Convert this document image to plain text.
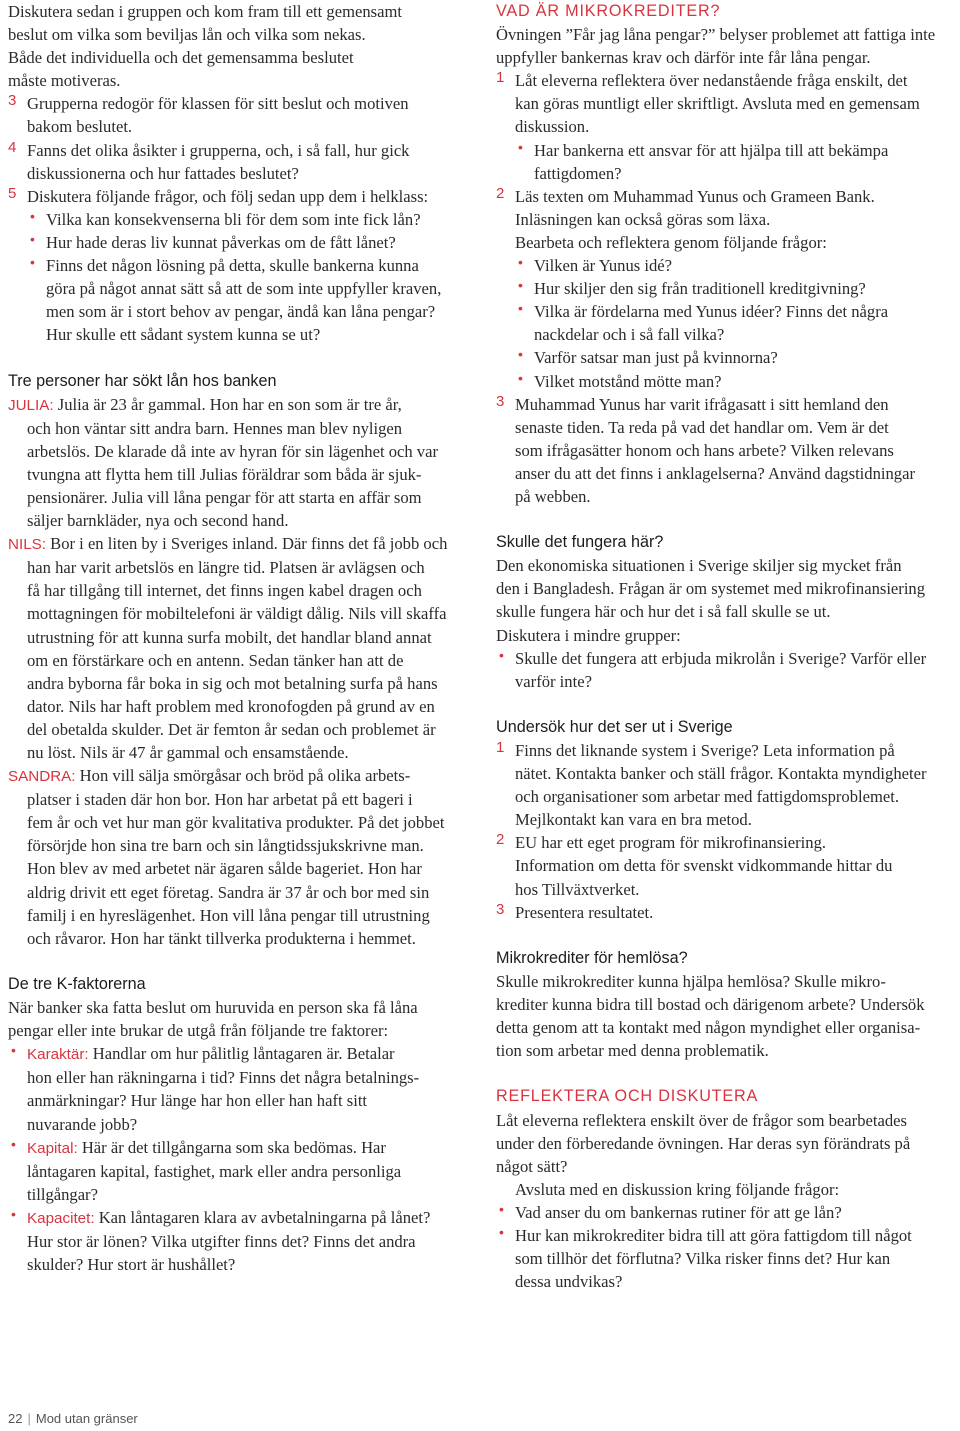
Diskutera sedan i gruppen och kom fram till ett gemensamt

beslut om vilka som beviljas lån och vilka som nekas.

Både det individuella och det gemensamma beslutet

måste motiveras.

3 Grupperna redogör för klassen för sitt beslut och motiven

bakom beslutet.

4 Fanns det olika åsikter i grupperna, och, i så fall, hur gick

diskussionerna och hur fattades beslutet?

5 Diskutera följande frågor, och följ sedan upp dem i helklass:

• Vilka kan konsekvenserna bli för dem som inte fick lån?

• Hur hade deras liv kunnat påverkas om de fått lånet?

• Finns det någon lösning på detta, skulle bankerna kunna

göra på något annat sätt så att de som inte uppfyller kraven,

men som är i stort behov av pengar, ändå kan låna pengar?

Hur skulle ett sådant system kunna se ut?

Tre personer har sökt lån hos banken

JULIA: Julia är 23 år gammal. Hon har en son som är tre år,

och hon väntar sitt andra barn. Hennes man blev nyligen

arbetslös. De klarade då inte av hyran för sin lägenhet och var

tvungna att flytta hem till Julias föräldrar som båda är sjuk-

pensionärer. Julia vill låna pengar för att starta en affär som

säljer barnkläder, nya och second hand.

NILS: Bor i en liten by i Sveriges inland. Där finns det få jobb och

han har varit arbetslös en längre tid. Platsen är avlägsen och

få har tillgång till internet, det finns ingen kabel dragen och

mottagningen för mobiltelefoni är väldigt dålig. Nils vill skaffa

utrustning för att kunna surfa mobilt, det handlar bland annat

om en förstärkare och en antenn. Sedan tänker han att de

andra byborna får boka in sig och mot betalning surfa på hans

dator. Nils har haft problem med kronofogden på grund av en

del obetalda skulder. Det är femton år sedan och problemet är

nu löst. Nils är 47 år gammal och ensamstående.

SANDRA: Hon vill sälja smörgåsar och bröd på olika arbets-

platser i staden där hon bor. Hon har arbetat på ett bageri i

fem år och vet hur man gör kvalitativa produkter. På det jobbet

försörjde hon sina tre barn och sin långtidssjukskrivne man.

Hon blev av med arbetet när ägaren sålde bageriet. Hon har

aldrig drivit ett eget företag. Sandra är 37 år och bor med sin

familj i en hyreslägenhet. Hon vill låna pengar till utrustning

och råvaror. Hon har tänkt tillverka produkterna i hemmet.

De tre K-faktorerna

När banker ska fatta beslut om huruvida en person ska få låna

pengar eller inte brukar de utgå från följande tre faktorer:

• Karaktär: Handlar om hur pålitlig låntagaren är. Betalar

hon eller han räkningarna i tid? Finns det några betalnings-

anmärkningar? Hur länge har hon eller han haft sitt

nuvarande jobb?

• Kapital: Här är det tillgångarna som ska bedömas. Har

låntagaren kapital, fastighet, mark eller andra personliga

tillgångar?

• Kapacitet: Kan låntagaren klara av avbetalningarna på lånet?

Hur stor är lönen? Vilka utgifter finns det? Finns det andra

skulder? Hur stort är hushållet?

VAD ÄR MIKROKREDITER?

Övningen ”Får jag låna pengar?” belyser problemet att fattiga inte

uppfyller bankernas krav och därför inte får låna pengar.

1 Låt eleverna reflektera över nedanstående fråga enskilt, det

kan göras muntligt eller skriftligt. Avsluta med en gemensam

diskussion.

• Har bankerna ett ansvar för att hjälpa till att bekämpa

fattigdomen?

2 Läs texten om Muhammad Yunus och Grameen Bank.

Inläsningen kan också göras som läxa.

Bearbeta och reflektera genom följande frågor:

• Vilken är Yunus idé?

• Hur skiljer den sig från traditionell kreditgivning?

• Vilka är fördelarna med Yunus idéer? Finns det några

nackdelar och i så fall vilka?

• Varför satsar man just på kvinnorna?

• Vilket motstånd mötte man?

3 Muhammad Yunus har varit ifrågasatt i sitt hemland den

senaste tiden. Ta reda på vad det handlar om. Vem är det

som ifrågasätter honom och hans arbete? Vilken relevans

anser du att det finns i anklagelserna? Använd dagstidningar

på webben.

Skulle det fungera här?

Den ekonomiska situationen i Sverige skiljer sig mycket från

den i Bangladesh. Frågan är om systemet med mikrofinansiering

skulle fungera här och hur det i så fall skulle se ut.

Diskutera i mindre grupper:

• Skulle det fungera att erbjuda mikrolån i Sverige? Varför eller

varför inte?

Undersök hur det ser ut i Sverige

1 Finns det liknande system i Sverige? Leta information på

nätet. Kontakta banker och ställ frågor. Kontakta myndigheter

och organisationer som arbetar med fattigdomsproblemet.

Mejlkontakt kan vara en bra metod.

2 EU har ett eget program för mikrofinansiering.

Information om detta för svenskt vidkommande hittar du

hos Tillväxtverket.

3 Presentera resultatet.

Mikrokrediter för hemlösa?

Skulle mikrokrediter kunna hjälpa hemlösa? Skulle mikro-

krediter kunna bidra till bostad och därigenom arbete? Undersök

detta genom att ta kontakt med någon myndighet eller organisa-

tion som arbetar med denna problematik.

REFLEKTERA OCH DISKUTERA

Låt eleverna reflektera enskilt över de frågor som bearbetades

under den förberedande övningen. Har deras syn förändrats på

något sätt?

Avsluta med en diskussion kring följande frågor:

• Vad anser du om bankernas rutiner för att ge lån?

• Hur kan mikrokrediter bidra till att göra fattigdom till något

som tillhör det förflutna? Vilka risker finns det? Hur kan

dessa undvikas?

22 | Mod utan gränser
